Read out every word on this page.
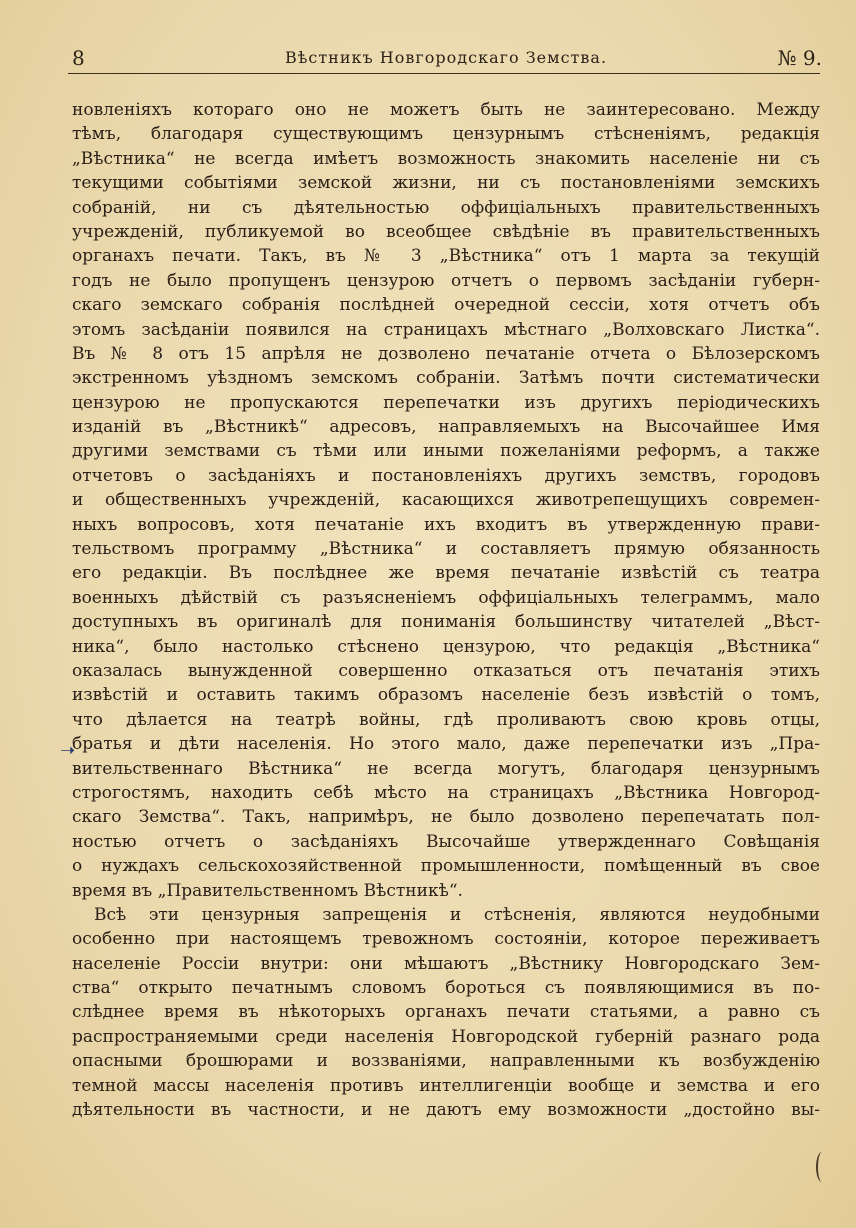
8	Вѣстникъ Новгородскаго Земства.	№ 9.
➝
новленіяхъ котораго оно не можетъ быть не заинтересовано. Между
тѣмъ, благодаря существующимъ цензурнымъ стѣсненіямъ, редакція
„Вѣстника“ не всегда имѣетъ возможность знакомить населеніе ни съ
текущими событіями земской жизни, ни съ постановленіями земскихъ
собраній, ни съ дѣятельностью оффиціальныхъ правительственныхъ
учрежденій, публикуемой во всеобщее свѣдѣніе въ правительственныхъ
органахъ печати. Такъ, въ № 3 „Вѣстника“ отъ 1 марта за текущій
годъ не было пропущенъ цензурою отчетъ о первомъ засѣданіи губерн-
скаго земскаго собранія послѣдней очередной сессіи, хотя отчетъ объ
этомъ засѣданіи появился на страницахъ мѣстнаго „Волховскаго Листка“.
Въ № 8 отъ 15 апрѣля не дозволено печатаніе отчета о Бѣлозерскомъ
экстренномъ уѣздномъ земскомъ собраніи. Затѣмъ почти систематически
цензурою не пропускаются перепечатки изъ другихъ періодическихъ
изданій въ „Вѣстникѣ“ адресовъ, направляемыхъ на Высочайшее Имя
другими земствами съ тѣми или иными пожеланіями реформъ, а также
отчетовъ о засѣданіяхъ и постановленіяхъ другихъ земствъ, городовъ
и общественныхъ учрежденій, касающихся животрепещущихъ современ-
ныхъ вопросовъ, хотя печатаніе ихъ входитъ въ утвержденную прави-
тельствомъ программу „Вѣстника“ и составляетъ прямую обязанность
его редакціи. Въ послѣднее же время печатаніе извѣстій съ театра
военныхъ дѣйствій съ разъясненіемъ оффиціальныхъ телеграммъ, мало
доступныхъ въ оригиналѣ для пониманія большинству читателей „Вѣст-
ника“, было настолько стѣснено цензурою, что редакція „Вѣстника“
оказалась вынужденной совершенно отказаться отъ печатанія этихъ
извѣстій и оставить такимъ образомъ населеніе безъ извѣстій о томъ,
что дѣлается на театрѣ войны, гдѣ проливаютъ свою кровь отцы,
братья и дѣти населенія. Но этого мало, даже перепечатки изъ „Пра-
вительственнаго Вѣстника“ не всегда могутъ, благодаря цензурнымъ
строгостямъ, находить себѣ мѣсто на страницахъ „Вѣстника Новгород-
скаго Земства“. Такъ, напримѣръ, не было дозволено перепечатать пол-
ностью отчетъ о засѣданіяхъ Высочайше утвержденнаго Совѣщанія
о нуждахъ сельскохозяйственной промышленности, помѣщенный въ свое
время въ „Правительственномъ Вѣстникѣ“.
Всѣ эти цензурныя запрещенія и стѣсненія, являются неудобными
особенно при настоящемъ тревожномъ состояніи, которое переживаетъ
населеніе Россіи внутри: они мѣшаютъ „Вѣстнику Новгородскаго Зем-
ства“ открыто печатнымъ словомъ бороться съ появляющимися въ по-
слѣднее время въ нѣкоторыхъ органахъ печати статьями, а равно съ
распространяемыми среди населенія Новгородской губерній разнаго рода
опасными брошюрами и воззваніями, направленными къ возбужденію
темной массы населенія противъ интеллигенціи вообще и земства и его
дѣятельности въ частности, и не даютъ ему возможности „достойно вы-
